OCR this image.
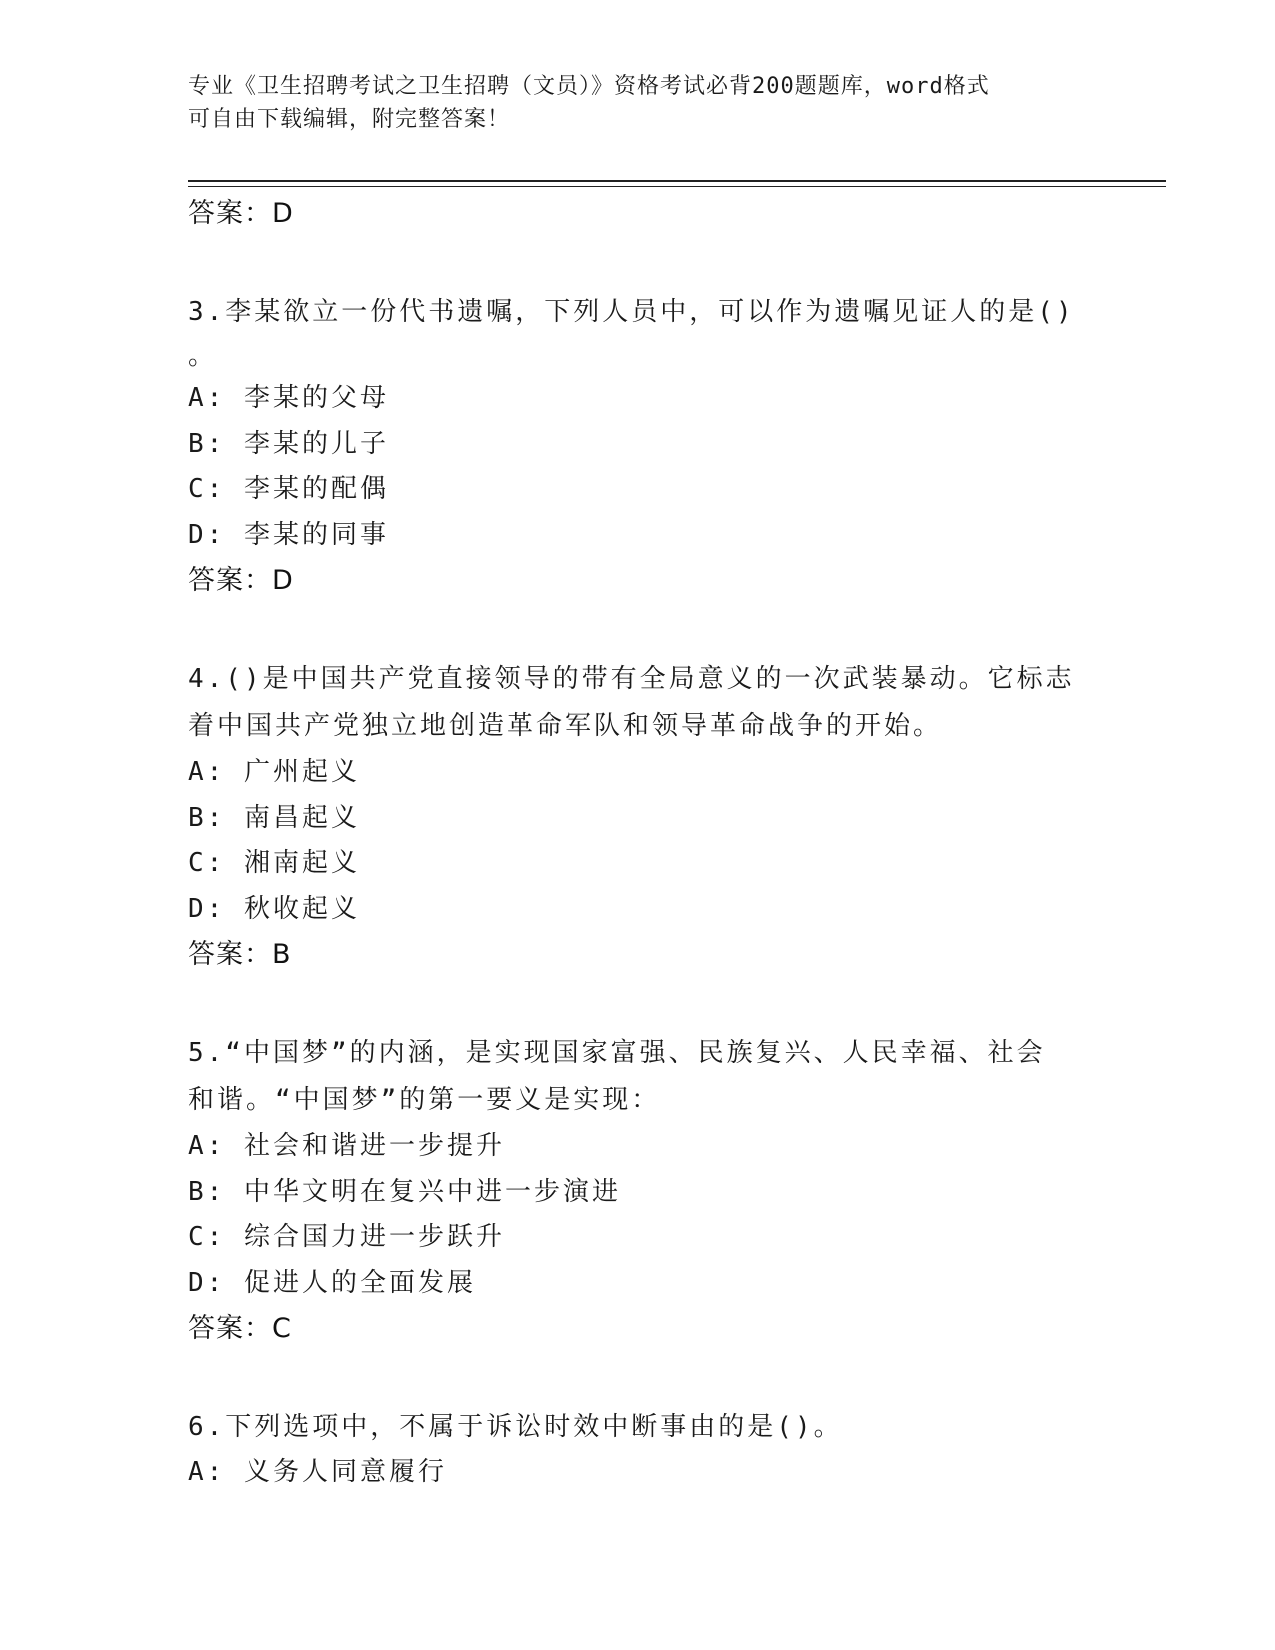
专业《卫生招聘考试之卫生招聘（文员）》资格考试必背200题题库，word格式
可自由下载编辑，附完整答案！
答案：D
3.李某欲立一份代书遗嘱，下列人员中，可以作为遗嘱见证人的是()
。
A: 李某的父母
B: 李某的儿子
C: 李某的配偶
D: 李某的同事
答案：D
4.()是中国共产党直接领导的带有全局意义的一次武装暴动。它标志
着中国共产党独立地创造革命军队和领导革命战争的开始。
A: 广州起义
B: 南昌起义
C: 湘南起义
D: 秋收起义
答案：B
5.“中国梦”的内涵，是实现国家富强、民族复兴、人民幸福、社会
和谐。“中国梦”的第一要义是实现：
A: 社会和谐进一步提升
B: 中华文明在复兴中进一步演进
C: 综合国力进一步跃升
D: 促进人的全面发展
答案：C
6.下列选项中，不属于诉讼时效中断事由的是()。
A: 义务人同意履行
